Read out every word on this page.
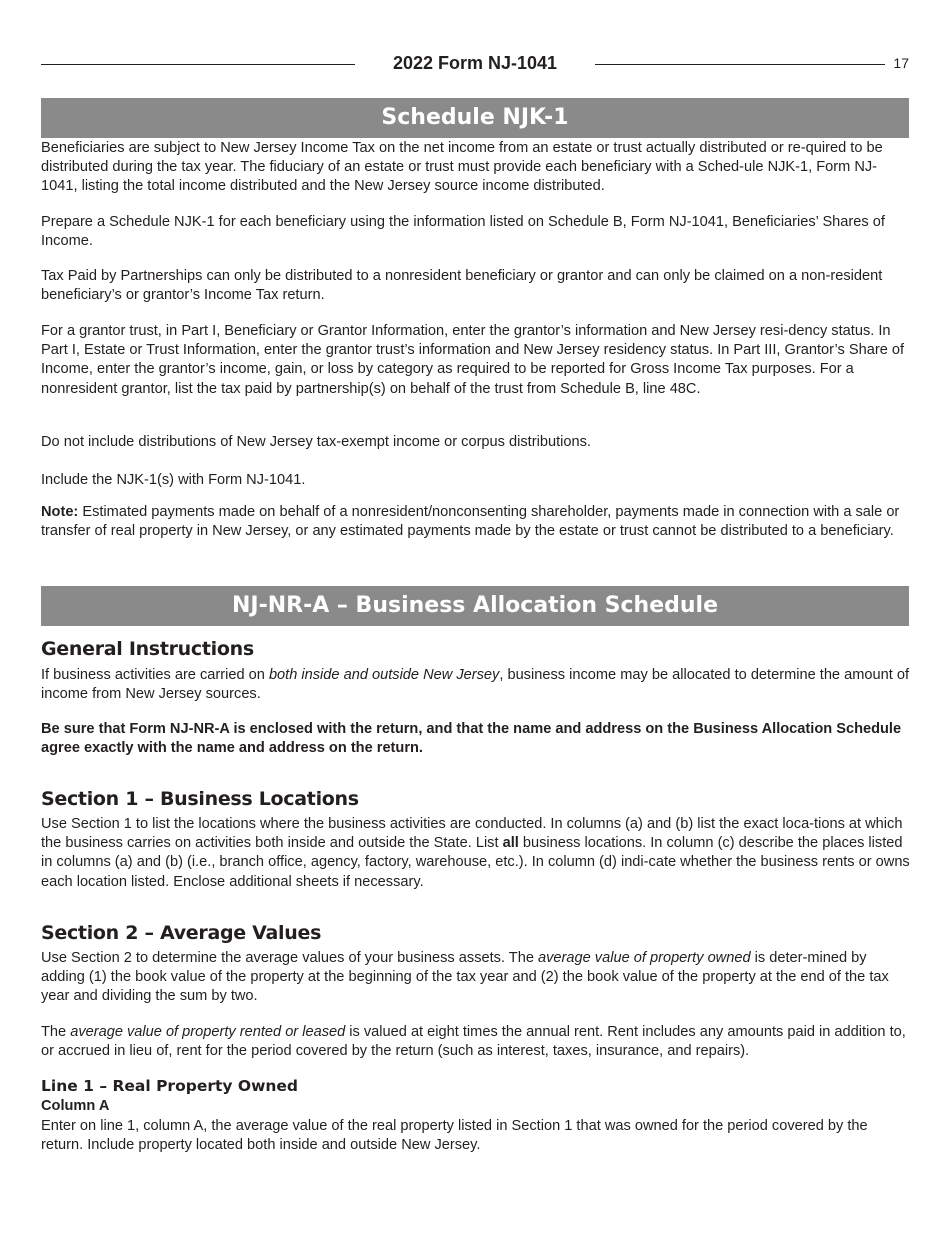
2022 Form NJ-1041	17
Schedule NJK-1

Beneficiaries are subject to New Jersey Income Tax on the net income from an estate or trust actually distributed or re-quired to be distributed during the tax year. The fiduciary of an estate or trust must provide each beneficiary with a Sched-ule NJK-1, Form NJ-1041, listing the total income distributed and the New Jersey source income distributed.

Prepare a Schedule NJK-1 for each beneficiary using the information listed on Schedule B, Form NJ-1041, Beneficiaries’ Shares of Income.

Tax Paid by Partnerships can only be distributed to a nonresident beneficiary or grantor and can only be claimed on a non-resident beneficiary’s or grantor’s Income Tax return.

For a grantor trust, in Part I, Beneficiary or Grantor Information, enter the grantor’s information and New Jersey resi-dency status. In Part I, Estate or Trust Information, enter the grantor trust’s information and New Jersey residency status. In Part III, Grantor’s Share of Income, enter the grantor’s income, gain, or loss by category as required to be reported for Gross Income Tax purposes. For a nonresident grantor, list the tax paid by partnership(s) on behalf of the trust from Schedule B, line 48C.

Do not include distributions of New Jersey tax-exempt income or corpus distributions.

Include the NJK-1(s) with Form NJ-1041.

Note: Estimated payments made on behalf of a nonresident/nonconsenting shareholder, payments made in connection with a sale or transfer of real property in New Jersey, or any estimated payments made by the estate or trust cannot be distributed to a beneficiary.

NJ-NR-A – Business Allocation Schedule
General Instructions

If business activities are carried on both inside and outside New Jersey, business income may be allocated to determine the amount of income from New Jersey sources.

Be sure that Form NJ-NR-A is enclosed with the return, and that the name and address on the Business Allocation Schedule agree exactly with the name and address on the return.

Section 1 – Business Locations

Use Section 1 to list the locations where the business activities are conducted. In columns (a) and (b) list the exact loca-tions at which the business carries on activities both inside and outside the State. List all business locations. In column (c) describe the places listed in columns (a) and (b) (i.e., branch office, agency, factory, warehouse, etc.). In column (d) indi-cate whether the business rents or owns each location listed. Enclose additional sheets if necessary.

Section 2 – Average Values

Use Section 2 to determine the average values of your business assets. The average value of property owned is deter-mined by adding (1) the book value of the property at the beginning of the tax year and (2) the book value of the property at the end of the tax year and dividing the sum by two.

The average value of property rented or leased is valued at eight times the annual rent. Rent includes any amounts paid in addition to, or accrued in lieu of, rent for the period covered by the return (such as interest, taxes, insurance, and repairs).

Line 1 – Real Property Owned
Column A

Enter on line 1, column A, the average value of the real property listed in Section 1 that was owned for the period covered by the return. Include property located both inside and outside New Jersey.
